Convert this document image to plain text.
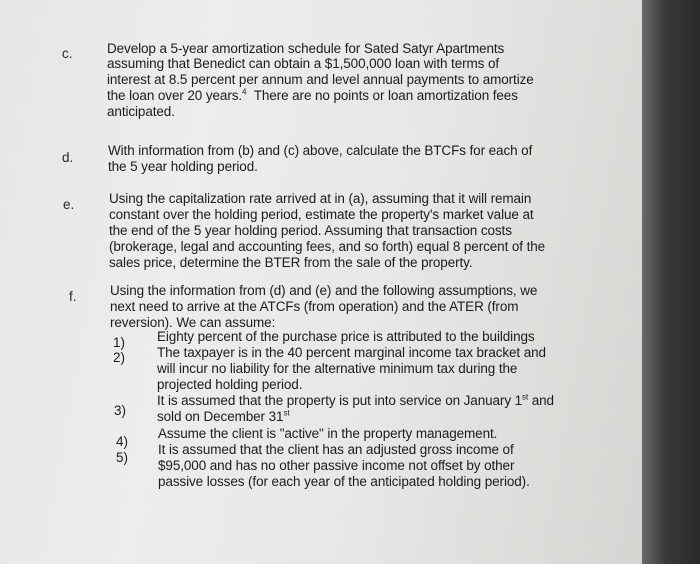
c.	Develop a 5-year amortization schedule for Sated Satyr Apartments
assuming that Benedict can obtain a $1,500,000 loan with terms of
interest at 8.5 percent per annum and level annual payments to amortize
the loan over 20 years.$^4$ There are no points or loan amortization fees
anticipated.
d.	With information from (b) and (c) above, calculate the BTCFs for each of
the 5 year holding period.
e.	Using the capitalization rate arrived at in (a), assuming that it will remain
constant over the holding period, estimate the property's market value at
the end of the 5 year holding period. Assuming that transaction costs
(brokerage, legal and accounting fees, and so forth) equal 8 percent of the
sales price, determine the BTER from the sale of the property.
f. Using the information from (d) and (e) and the following assumptions, we
next need to arrive at the ATCFs (from operation) and the ATER (from
reversion). We can assume:
1) Eighty percent of the purchase price is attributed to the buildings
2) The taxpayer is in the 40 percent marginal income tax bracket and
will incur no liability for the alternative minimum tax during the
projected holding period.
3)
It is assumed that the property is put into service on January 1st and
sold on December 31st
4)
Assume the client is "active" in the property management.
5)
It is assumed that the client has an adjusted gross income of
$95,000 and has no other passive income not offset by other
passive losses (for each year of the anticipated holding period).
